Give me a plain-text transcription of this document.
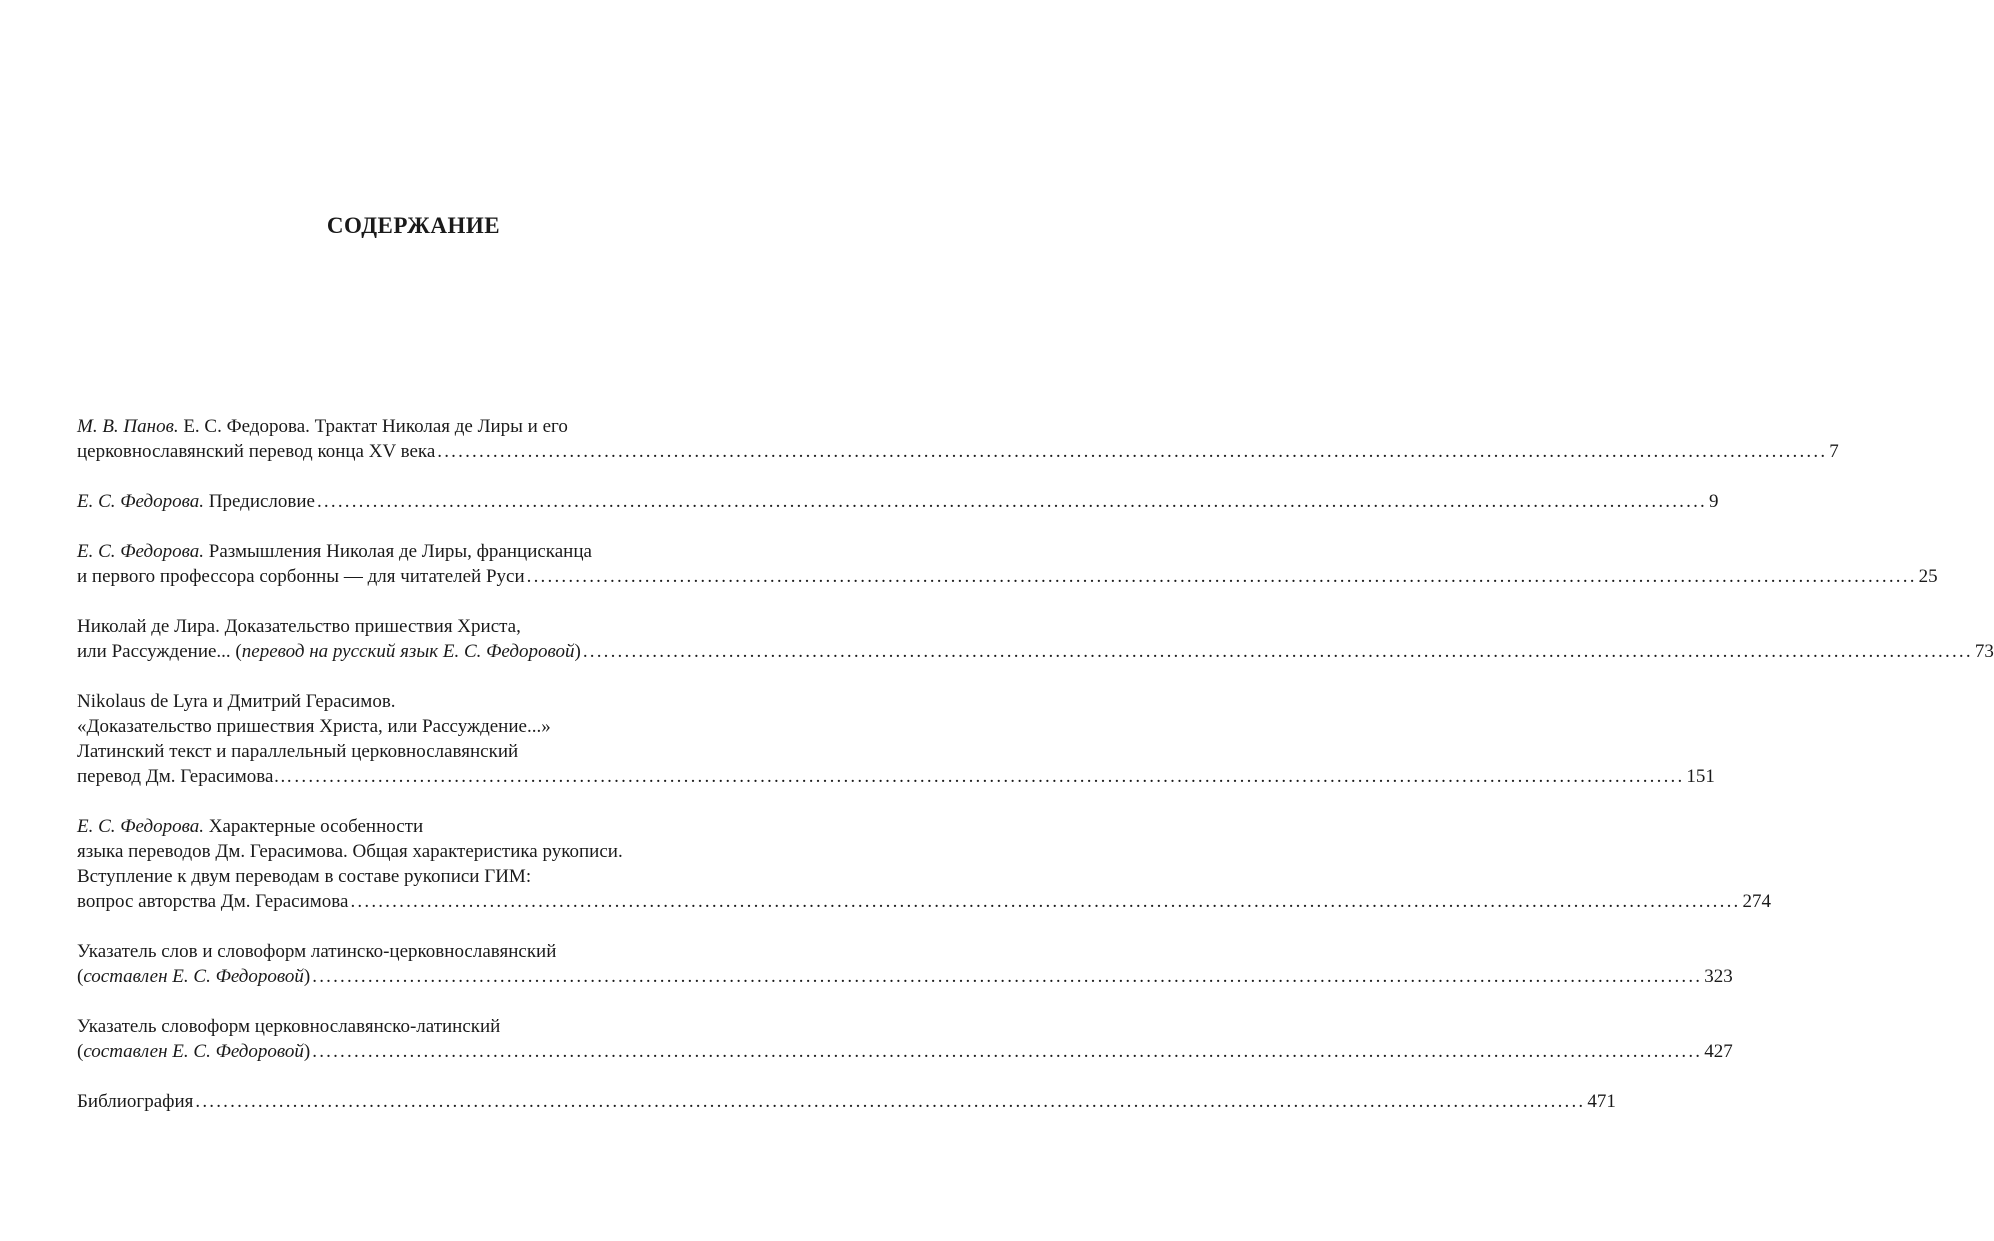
СОДЕРЖАНИЕ
М. В. Панов. Е. С. Федорова. Трактат Николая де Лиры и его
церковнославянский перевод конца XV века ........................................................................................................................................................................................................ 7
Е. С. Федорова. Предисловие ........................................................................................................................................................................................................ 9
Е. С. Федорова. Размышления Николая де Лиры, францисканца
и первого профессора сорбонны — для читателей Руси ........................................................................................................................................................................................................ 25
Николай де Лира. Доказательство пришествия Христа,
или Рассуждение... (перевод на русский язык Е. С. Федоровой) ........................................................................................................................................................................................................ 73
Nikolaus de Lyra и Дмитрий Герасимов.
«Доказательство пришествия Христа, или Рассуждение...»
Латинский текст и параллельный церковнославянский
перевод Дм. Герасимова… ........................................................................................................................................................................................................ 151
Е. С. Федорова. Характерные особенности
языка переводов Дм. Герасимова. Общая характеристика рукописи.
Вступление к двум переводам в составе рукописи ГИМ:
вопрос авторства Дм. Герасимова ........................................................................................................................................................................................................ 274
Указатель слов и словоформ латинско-церковнославянский
(составлен Е. С. Федоровой) ........................................................................................................................................................................................................ 323
Указатель словоформ церковнославянско-латинский
(составлен Е. С. Федоровой) ........................................................................................................................................................................................................ 427
Библиография ........................................................................................................................................................................................................ 471
